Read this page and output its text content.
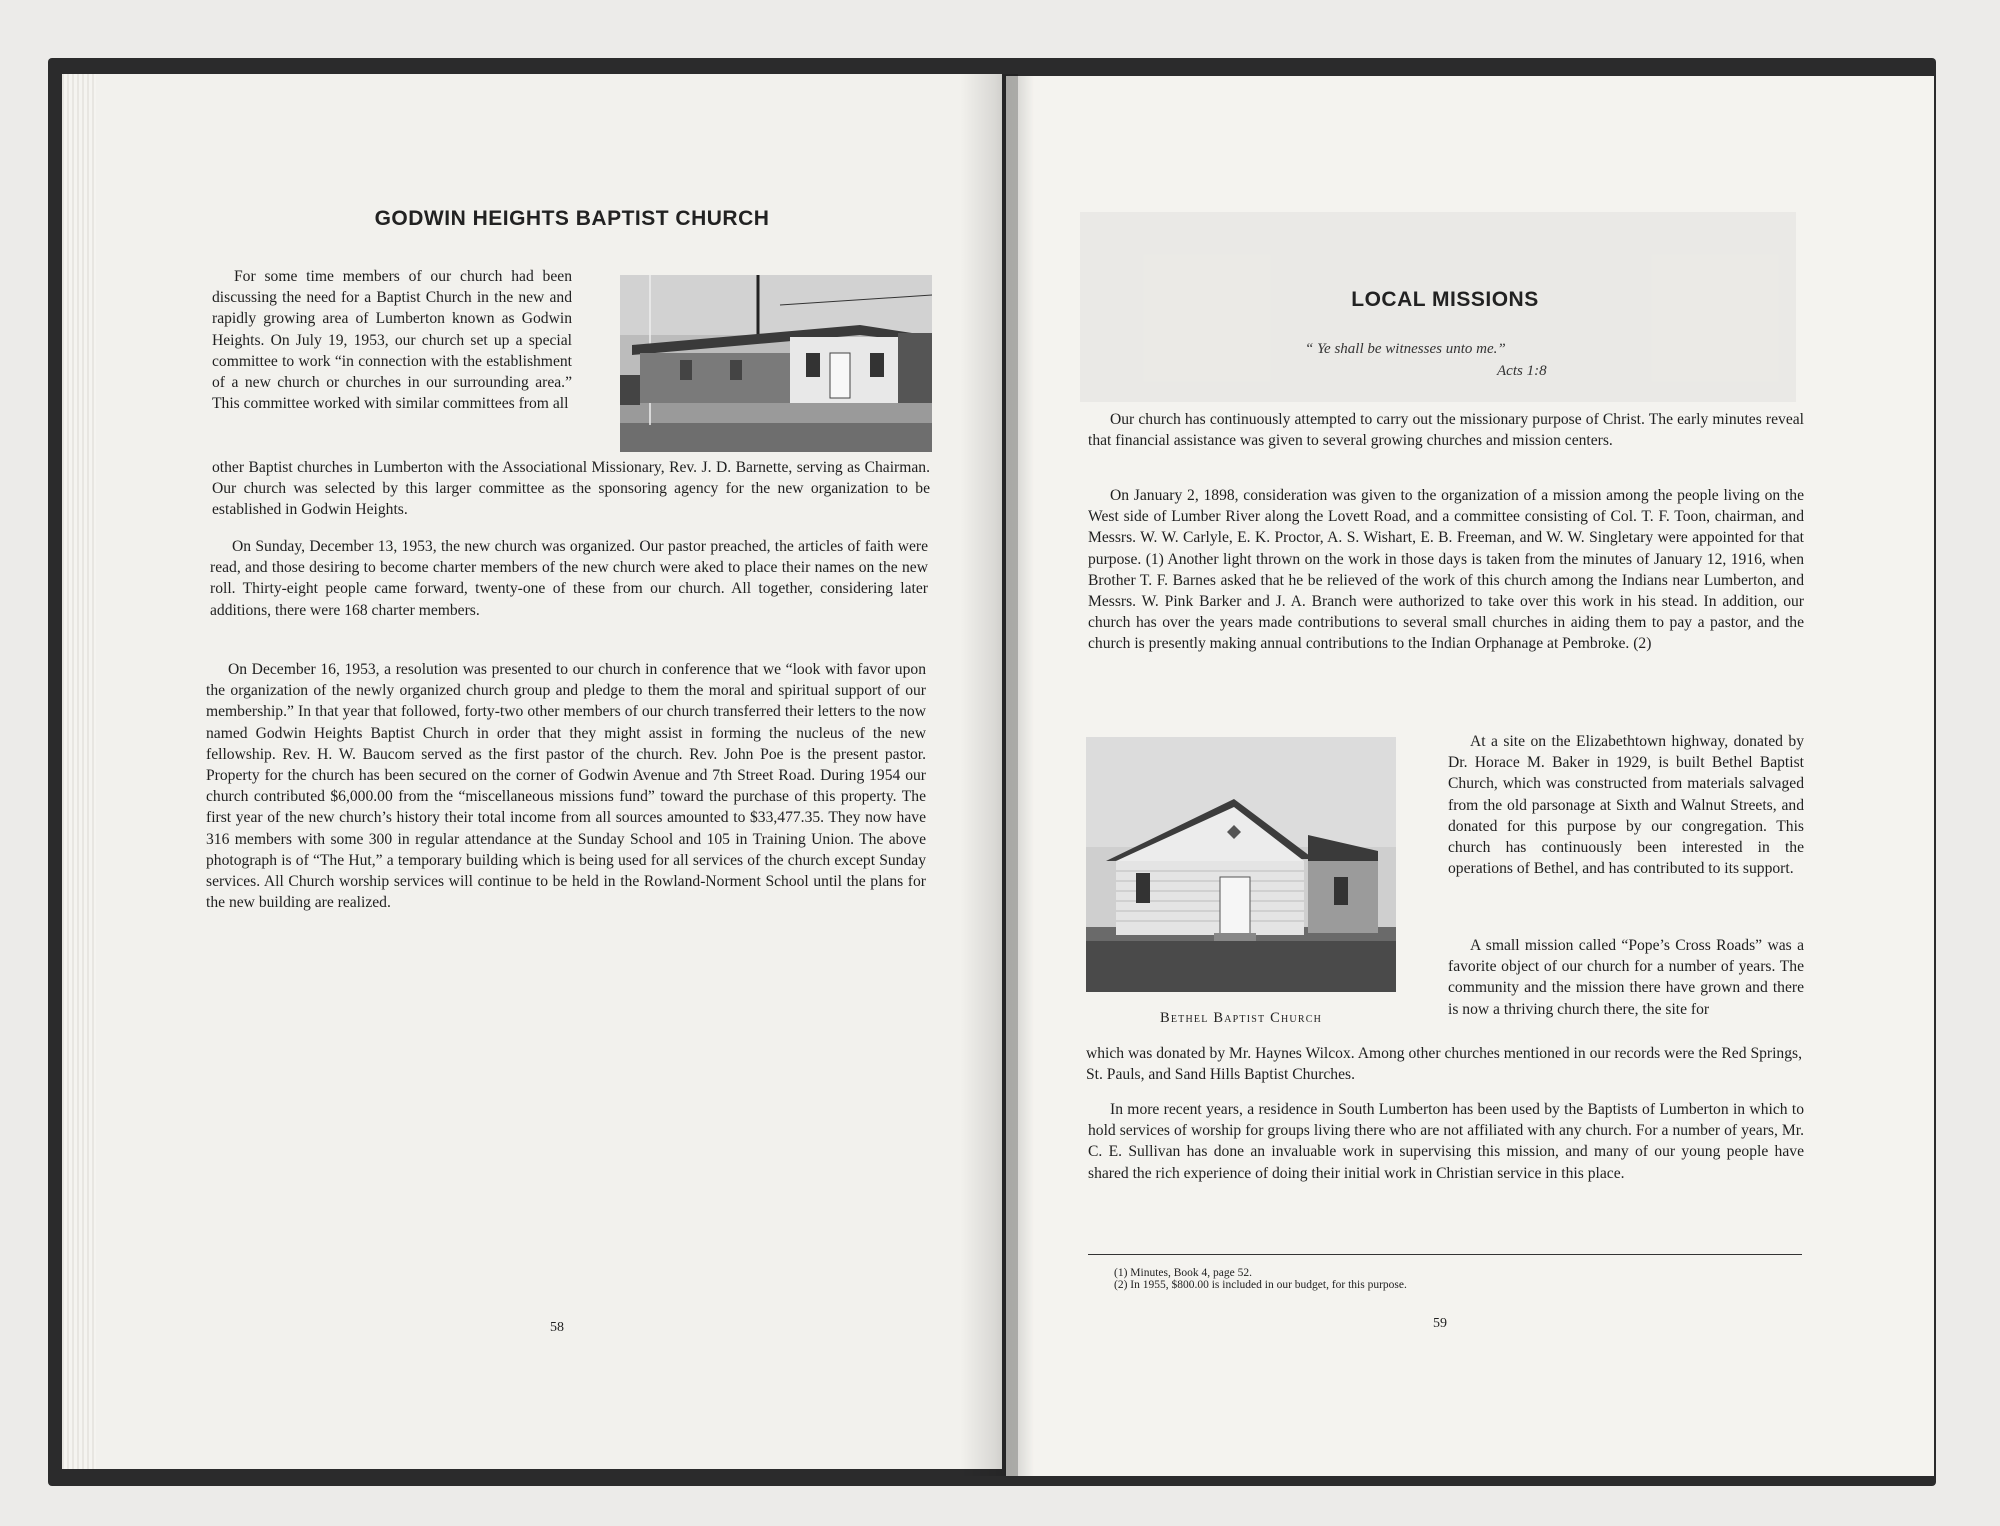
GODWIN HEIGHTS BAPTIST CHURCH

For some time members of our church had been discussing the need for a Baptist Church in the new and rapidly growing area of Lumberton known as Godwin Heights. On July 19, 1953, our church set up a special committee to work “in connection with the establishment of a new church or churches in our surrounding area.” This committee worked with similar committees from all

other Baptist churches in Lumberton with the Associational Missionary, Rev. J. D. Barnette, serving as Chairman. Our church was selected by this larger committee as the sponsoring agency for the new organization to be established in Godwin Heights.

On Sunday, December 13, 1953, the new church was organized. Our pastor preached, the articles of faith were read, and those desiring to become charter members of the new church were aked to place their names on the new roll. Thirty-eight people came forward, twenty-one of these from our church. All together, considering later additions, there were 168 charter members.

On December 16, 1953, a resolution was presented to our church in conference that we “look with favor upon the organization of the newly organized church group and pledge to them the moral and spiritual support of our membership.” In that year that followed, forty-two other members of our church transferred their letters to the now named Godwin Heights Baptist Church in order that they might assist in forming the nucleus of the new fellowship. Rev. H. W. Baucom served as the first pastor of the church. Rev. John Poe is the present pastor. Property for the church has been secured on the corner of Godwin Avenue and 7th Street Road. During 1954 our church contributed $6,000.00 from the “miscellaneous missions fund” toward the purchase of this property. The first year of the new church’s history their total income from all sources amounted to $33,477.35. They now have 316 members with some 300 in regular attendance at the Sunday School and 105 in Training Union. The above photograph is of “The Hut,” a temporary building which is being used for all services of the church except Sunday services. All Church worship services will continue to be held in the Rowland-Norment School until the plans for the new building are realized.

58
LOCAL MISSIONS
“ Ye shall be witnesses unto me.”
Acts 1:8

Our church has continuously attempted to carry out the missionary purpose of Christ. The early minutes reveal that financial assistance was given to several growing churches and mission centers.

On January 2, 1898, consideration was given to the organization of a mission among the people living on the West side of Lumber River along the Lovett Road, and a committee consisting of Col. T. F. Toon, chairman, and Messrs. W. W. Carlyle, E. K. Proctor, A. S. Wishart, E. B. Freeman, and W. W. Singletary were appointed for that purpose. (1) Another light thrown on the work in those days is taken from the minutes of January 12, 1916, when Brother T. F. Barnes asked that he be relieved of the work of this church among the Indians near Lumberton, and Messrs. W. Pink Barker and J. A. Branch were authorized to take over this work in his stead. In addition, our church has over the years made contributions to several small churches in aiding them to pay a pastor, and the church is presently making annual contributions to the Indian Orphanage at Pembroke. (2)

At a site on the Elizabethtown highway, donated by Dr. Horace M. Baker in 1929, is built Bethel Baptist Church, which was constructed from materials salvaged from the old parsonage at Sixth and Walnut Streets, and donated for this purpose by our congregation. This church has continuously been interested in the operations of Bethel, and has contributed to its support.

A small mission called “Pope’s Cross Roads” was a favorite object of our church for a number of years. The community and the mission there have grown and there is now a thriving church there, the site for

Bethel Baptist Church

which was donated by Mr. Haynes Wilcox. Among other churches mentioned in our records were the Red Springs, St. Pauls, and Sand Hills Baptist Churches.

In more recent years, a residence in South Lumberton has been used by the Baptists of Lumberton in which to hold services of worship for groups living there who are not affiliated with any church. For a number of years, Mr. C. E. Sullivan has done an invaluable work in supervising this mission, and many of our young people have shared the rich experience of doing their initial work in Christian service in this place.

(1) Minutes, Book 4, page 52.
(2) In 1955, $800.00 is included in our budget, for this purpose.
59
